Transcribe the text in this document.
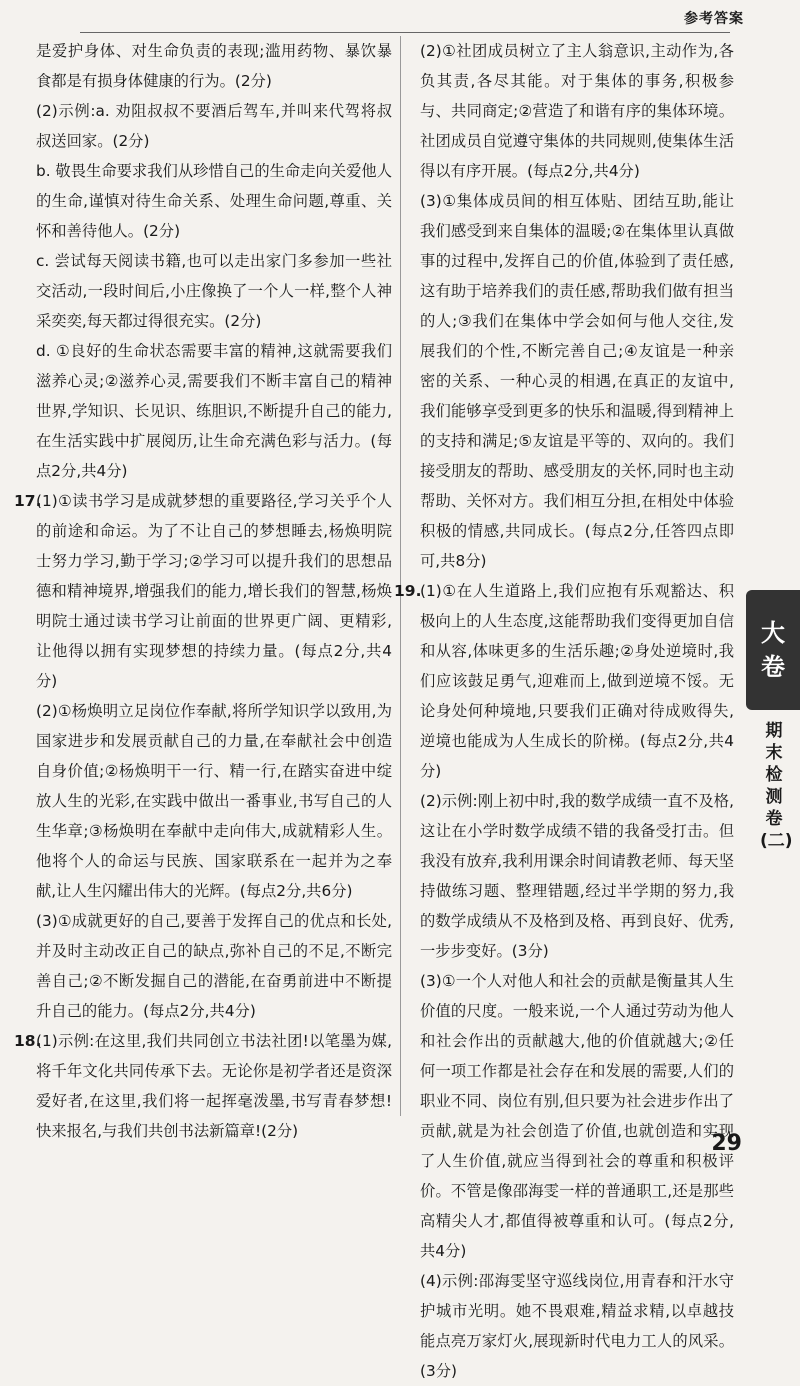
参考答案

是爱护身体、对生命负责的表现;滥用药物、暴饮暴食都是有损身体健康的行为。(2分)

(2)示例:a. 劝阻叔叔不要酒后驾车,并叫来代驾将叔叔送回家。(2分)

b. 敬畏生命要求我们从珍惜自己的生命走向关爱他人的生命,谨慎对待生命关系、处理生命问题,尊重、关怀和善待他人。(2分)

c. 尝试每天阅读书籍,也可以走出家门多参加一些社交活动,一段时间后,小庄像换了一个人一样,整个人神采奕奕,每天都过得很充实。(2分)

d. ①良好的生命状态需要丰富的精神,这就需要我们滋养心灵;②滋养心灵,需要我们不断丰富自己的精神世界,学知识、长见识、练胆识,不断提升自己的能力,在生活实践中扩展阅历,让生命充满色彩与活力。(每点2分,共4分)

17.

(1)①读书学习是成就梦想的重要路径,学习关乎个人的前途和命运。为了不让自己的梦想睡去,杨焕明院士努力学习,勤于学习;②学习可以提升我们的思想品德和精神境界,增强我们的能力,增长我们的智慧,杨焕明院士通过读书学习让前面的世界更广阔、更精彩,让他得以拥有实现梦想的持续力量。(每点2分,共4分)

(2)①杨焕明立足岗位作奉献,将所学知识学以致用,为国家进步和发展贡献自己的力量,在奉献社会中创造自身价值;②杨焕明干一行、精一行,在踏实奋进中绽放人生的光彩,在实践中做出一番事业,书写自己的人生华章;③杨焕明在奉献中走向伟大,成就精彩人生。他将个人的命运与民族、国家联系在一起并为之奉献,让人生闪耀出伟大的光辉。(每点2分,共6分)

(3)①成就更好的自己,要善于发挥自己的优点和长处,并及时主动改正自己的缺点,弥补自己的不足,不断完善自己;②不断发掘自己的潜能,在奋勇前进中不断提升自己的能力。(每点2分,共4分)

18.

(1)示例:在这里,我们共同创立书法社团!以笔墨为媒,将千年文化共同传承下去。无论你是初学者还是资深爱好者,在这里,我们将一起挥毫泼墨,书写青春梦想!快来报名,与我们共创书法新篇章!(2分)

(2)①社团成员树立了主人翁意识,主动作为,各负其责,各尽其能。对于集体的事务,积极参与、共同商定;②营造了和谐有序的集体环境。社团成员自觉遵守集体的共同规则,使集体生活得以有序开展。(每点2分,共4分)

(3)①集体成员间的相互体贴、团结互助,能让我们感受到来自集体的温暖;②在集体里认真做事的过程中,发挥自己的价值,体验到了责任感,这有助于培养我们的责任感,帮助我们做有担当的人;③我们在集体中学会如何与他人交往,发展我们的个性,不断完善自己;④友谊是一种亲密的关系、一种心灵的相遇,在真正的友谊中,我们能够享受到更多的快乐和温暖,得到精神上的支持和满足;⑤友谊是平等的、双向的。我们接受朋友的帮助、感受朋友的关怀,同时也主动帮助、关怀对方。我们相互分担,在相处中体验积极的情感,共同成长。(每点2分,任答四点即可,共8分)

19.

(1)①在人生道路上,我们应抱有乐观豁达、积极向上的人生态度,这能帮助我们变得更加自信和从容,体味更多的生活乐趣;②身处逆境时,我们应该鼓足勇气,迎难而上,做到逆境不馁。无论身处何种境地,只要我们正确对待成败得失,逆境也能成为人生成长的阶梯。(每点2分,共4分)

(2)示例:刚上初中时,我的数学成绩一直不及格,这让在小学时数学成绩不错的我备受打击。但我没有放弃,我利用课余时间请教老师、每天坚持做练习题、整理错题,经过半学期的努力,我的数学成绩从不及格到及格、再到良好、优秀,一步步变好。(3分)

(3)①一个人对他人和社会的贡献是衡量其人生价值的尺度。一般来说,一个人通过劳动为他人和社会作出的贡献越大,他的价值就越大;②任何一项工作都是社会存在和发展的需要,人们的职业不同、岗位有别,但只要为社会进步作出了贡献,就是为社会创造了价值,也就创造和实现了人生价值,就应当得到社会的尊重和积极评价。不管是像邵海雯一样的普通职工,还是那些高精尖人才,都值得被尊重和认可。(每点2分,共4分)

(4)示例:邵海雯坚守巡线岗位,用青春和汗水守护城市光明。她不畏艰难,精益求精,以卓越技能点亮万家灯火,展现新时代电力工人的风采。(3分)

大
卷
期末检测卷(二)
29
